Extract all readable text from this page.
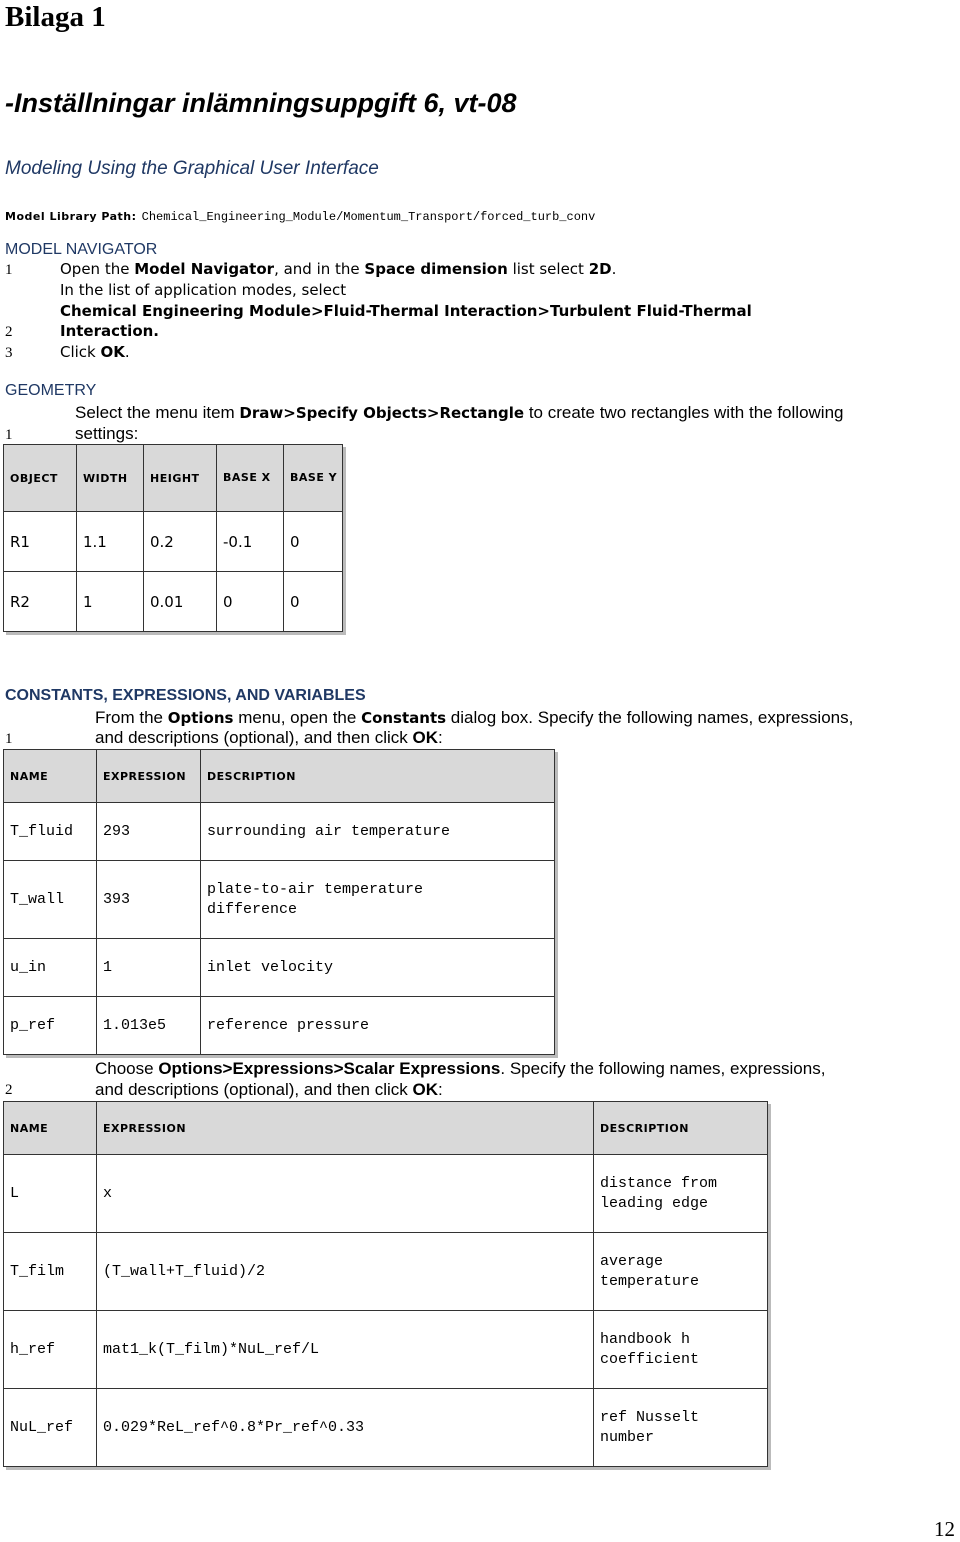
Bilaga 1
-Inställningar inlämningsuppgift 6, vt-08
Modeling Using the Graphical User Interface
Model Library Path: Chemical_Engineering_Module/Momentum_Transport/forced_turb_conv
MODEL NAVIGATOR
1	Open the Model Navigator, and in the Space dimension list select 2D.
In the list of application modes, select
Chemical Engineering Module>Fluid-Thermal Interaction>Turbulent Fluid-Thermal
2	Interaction.
3	Click OK.
GEOMETRY
Select the menu item Draw>Specify Objects>Rectangle to create two rectangles with the following
1	settings:
OBJECT	WIDTH	HEIGHT	BASE X	BASE Y
R1	1.1	0.2	-0.1	0
R2	1	0.01	0	0
CONSTANTS, EXPRESSIONS, AND VARIABLES
From the Options menu, open the Constants dialog box. Specify the following names, expressions,
1	and descriptions (optional), and then click OK:
NAME	EXPRESSION	DESCRIPTION
T_fluid	293	surrounding air temperature
T_wall	393	plate-to-air temperature difference
u_in	1	inlet velocity
p_ref	1.013e5	reference pressure
Choose Options>Expressions>Scalar Expressions. Specify the following names, expressions,
2	and descriptions (optional), and then click OK:
NAME	EXPRESSION	DESCRIPTION
L	x	distance from leading edge
T_film	(T_wall+T_fluid)/2	average temperature
h_ref	mat1_k(T_film)*NuL_ref/L	handbook h coefficient
NuL_ref	0.029*ReL_ref^0.8*Pr_ref^0.33	ref Nusselt number
12
